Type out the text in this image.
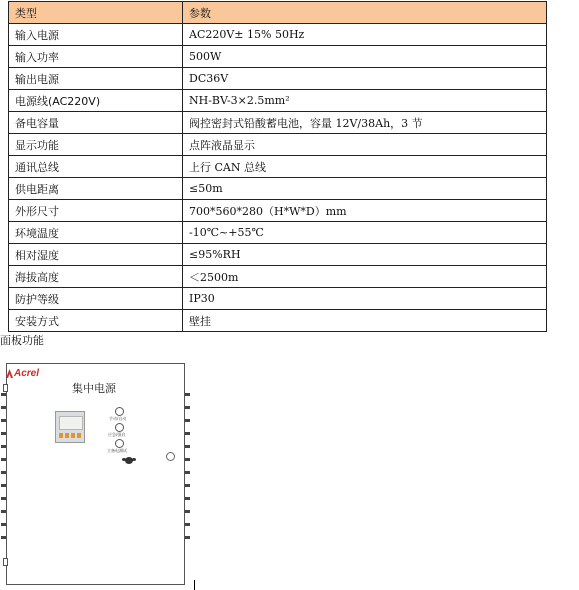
类型	参数
输入电源	AC220V± 15% 50Hz
输入功率	500W
输出电源	DC36V
电源线(AC220V)	NH-BV-3×2.5mm²
备电容量	阀控密封式铅酸蓄电池，容量 12V/38Ah，3 节
显示功能	点阵液晶显示
通讯总线	上行 CAN 总线
供电距离	≤50m
外形尺寸	700*560*280（H*W*D）mm
环境温度	-10℃~+55℃
相对湿度	≤95%RH
海拔高度	＜2500m
防护等级	IP30
安装方式	壁挂
面板功能
Acrel
集中电源
手动/自动
应急/强启
主备电测试
